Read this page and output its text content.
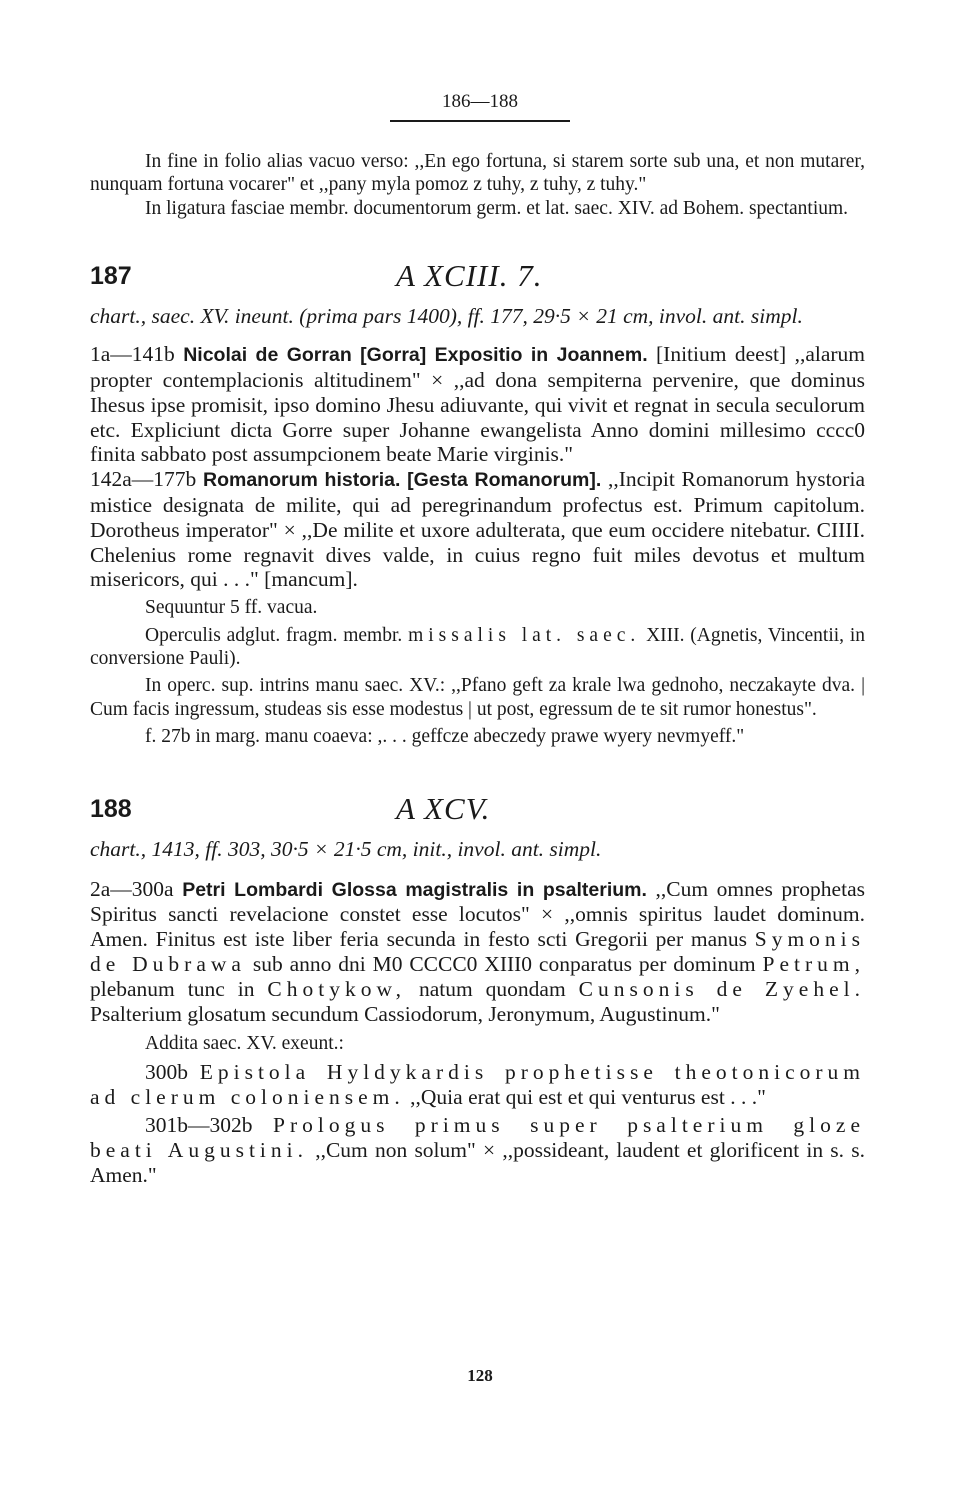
186—188

In fine in folio alias vacuo verso: ,,En ego fortuna, si starem sorte sub una, et non mutarer, nunquam fortuna vocarer" et ,,pany myla pomoz z tuhy, z tuhy, z tuhy."

In ligatura fasciae membr. documentorum germ. et lat. saec. XIV. ad Bohem. spectantium.

187	A XCIII. 7.

chart., saec. XV. ineunt. (prima pars 1400), ff. 177, 29·5 × 21 cm, invol. ant. simpl.

1a—141b Nicolai de Gorran [Gorra] Expositio in Joannem. [Initium deest] ,,alarum propter contemplacionis altitudinem" × ,,ad dona sempiterna pervenire, que dominus Ihesus ipse promisit, ipso domino Jhesu adiuvante, qui vivit et regnat in secula seculorum etc. Expliciunt dicta Gorre super Johanne ewangelista Anno domini millesimo cccc0 finita sabbato post assumpcionem beate Marie virginis."

142a—177b Romanorum historia. [Gesta Romanorum]. ,,Incipit Romanorum hystoria mistice designata de milite, qui ad peregrinandum profectus est. Primum capitolum. Dorotheus imperator" × ,,De milite et uxore adulterata, que eum occidere nitebatur. CIIII. Chelenius rome regnavit dives valde, in cuius regno fuit miles devotus et multum misericors, qui . . ." [mancum].

Sequuntur 5 ff. vacua.

Operculis adglut. fragm. membr. missalis lat. saec. XIII. (Agnetis, Vincentii, in conversione Pauli).

In operc. sup. intrins manu saec. XV.: ,,Pfano geft za krale lwa gednoho, neczakayte dva. | Cum facis ingressum, studeas sis esse modestus | ut post, egressum de te sit rumor honestus".

f. 27b in marg. manu coaeva: ,. . . geffcze abeczedy prawe wyery nevmyeff."

188	A XCV.

chart., 1413, ff. 303, 30·5 × 21·5 cm, init., invol. ant. simpl.

2a—300a Petri Lombardi Glossa magistralis in psalterium. ,,Cum omnes prophetas Spiritus sancti revelacione constet esse locutos" × ,,omnis spiritus laudet dominum. Amen. Finitus est iste liber feria secunda in festo scti Gregorii per manus Symonis de Dubrawa sub anno dni M0 CCCC0 XIII0 conparatus per dominum Petrum, plebanum tunc in Chotykow, natum quondam Cunsonis de Zyehel. Psalterium glosatum secundum Cassiodorum, Jeronymum, Augustinum."

Addita saec. XV. exeunt.:

300b Epistola Hyldykardis prophetisse theotonicorum ad clerum coloniensem. ,,Quia erat qui est et qui venturus est . . ."

301b—302b Prologus primus super psalterium gloze beati Augustini. ,,Cum non solum" × ,,possideant, laudent et glorificent in s. s. Amen."

128
